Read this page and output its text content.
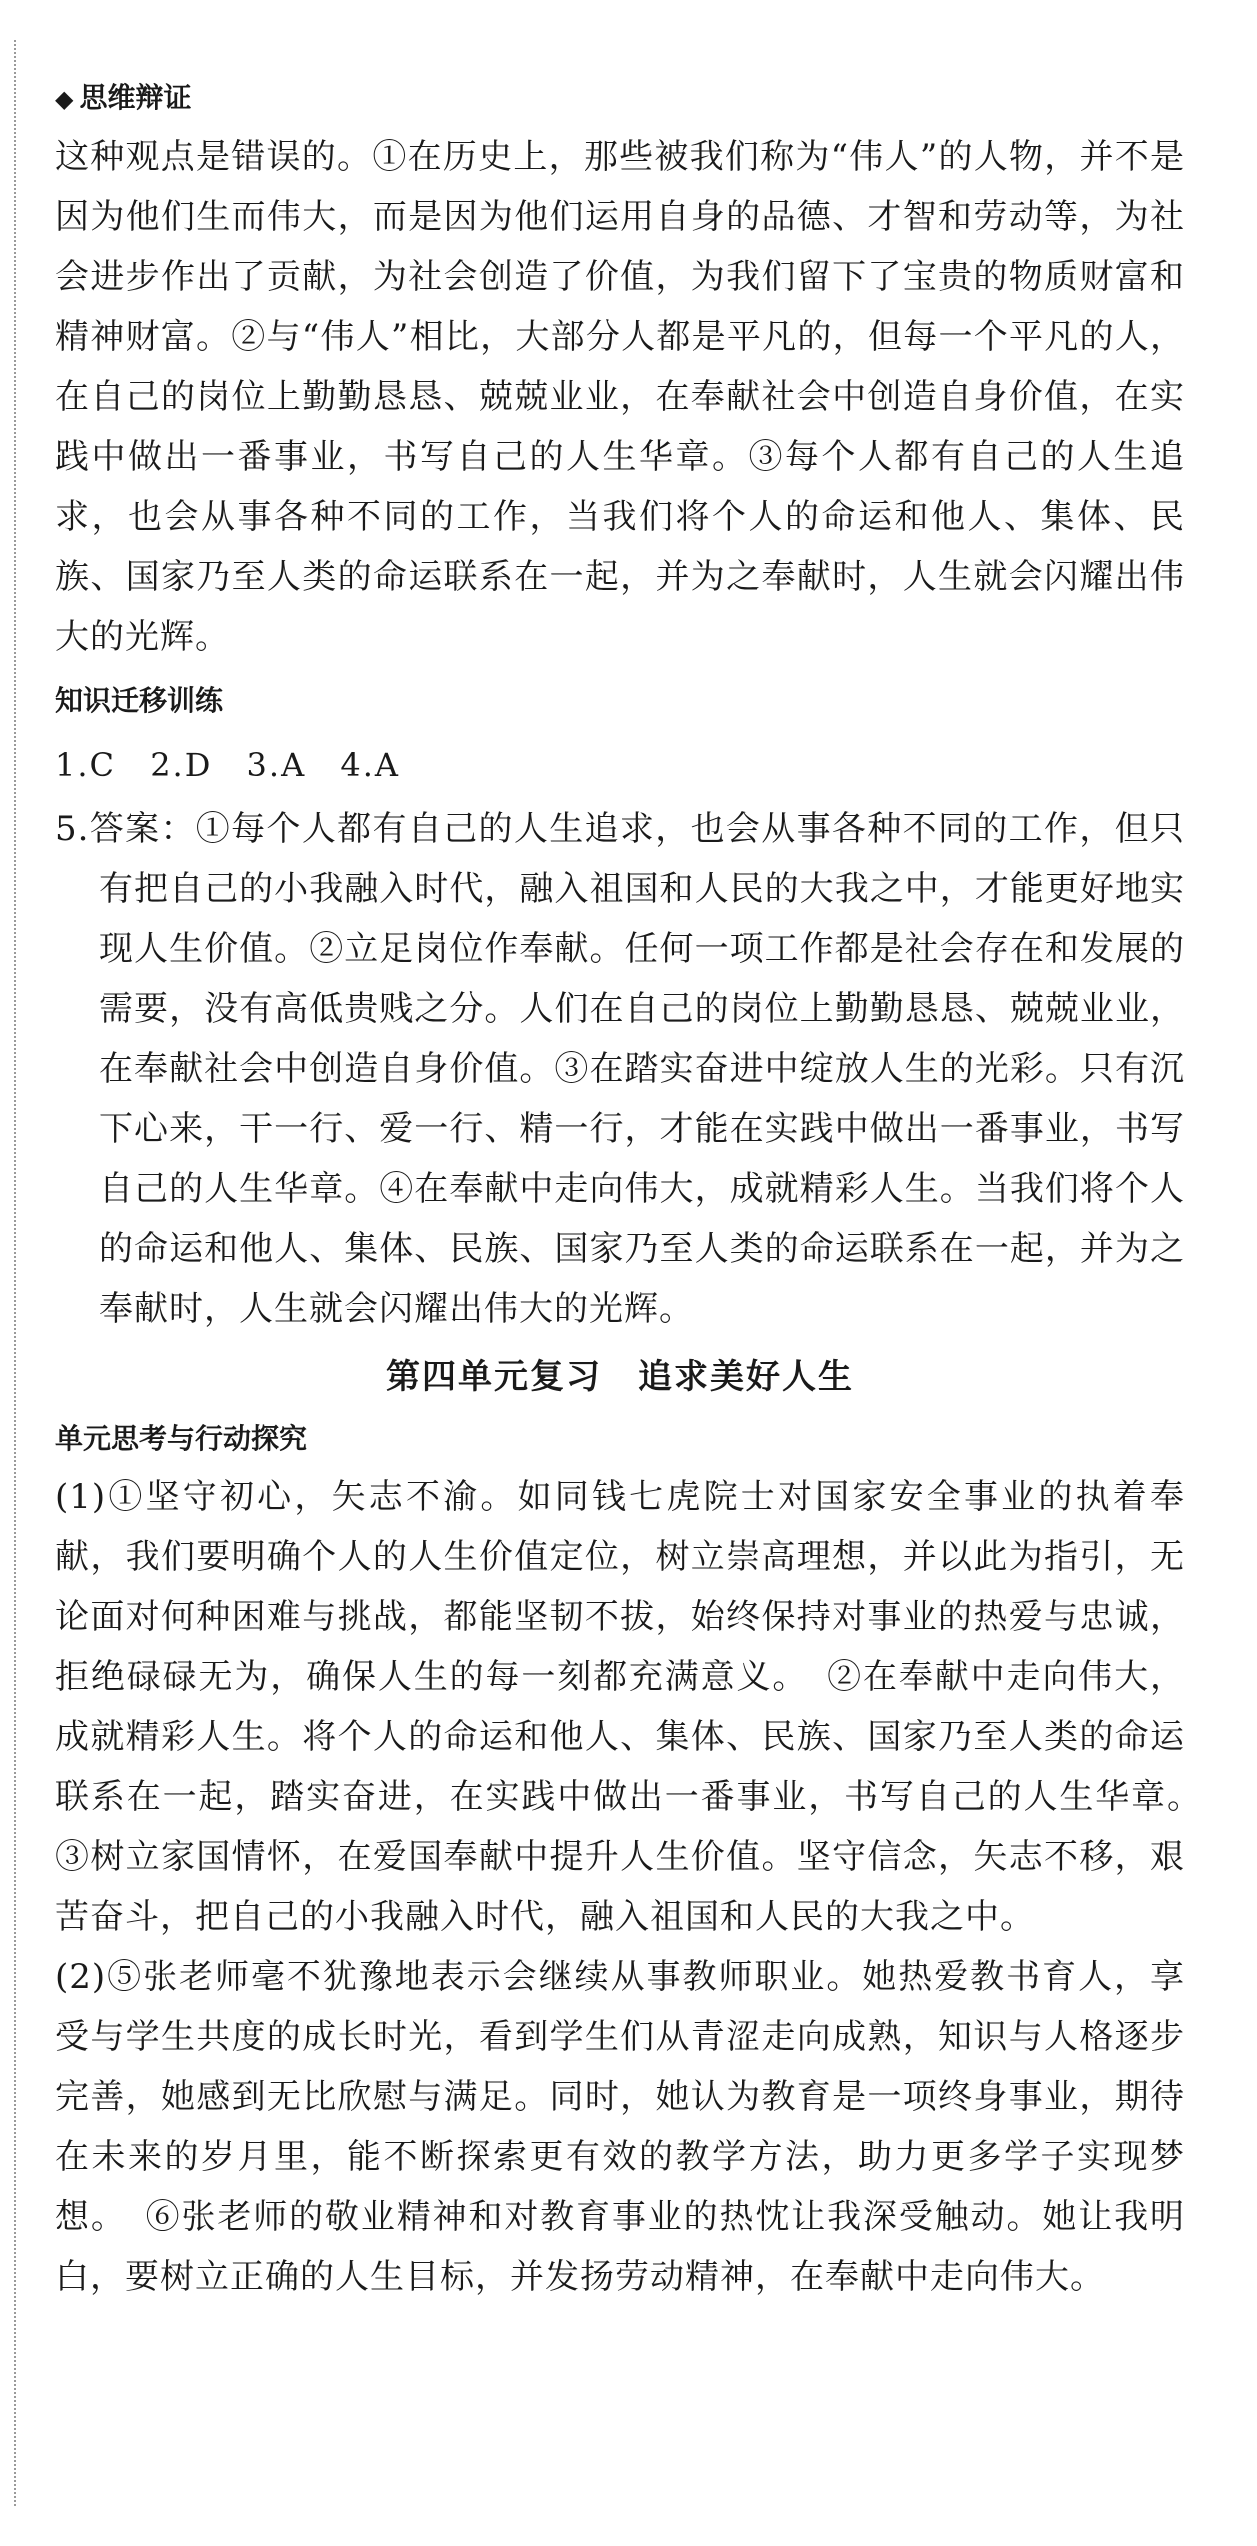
◆ 思维辩证

这种观点是错误的。①在历史上，那些被我们称为“伟人”的人物，并不是因为他们生而伟大，而是因为他们运用自身的品德、才智和劳动等，为社会进步作出了贡献，为社会创造了价值，为我们留下了宝贵的物质财富和精神财富。②与“伟人”相比，大部分人都是平凡的，但每一个平凡的人，在自己的岗位上勤勤恳恳、兢兢业业，在奉献社会中创造自身价值，在实践中做出一番事业，书写自己的人生华章。③每个人都有自己的人生追求，也会从事各种不同的工作，当我们将个人的命运和他人、集体、民族、国家乃至人类的命运联系在一起，并为之奉献时，人生就会闪耀出伟大的光辉。

知识迁移训练
1.C 2.D 3.A 4.A

5.答案：①每个人都有自己的人生追求，也会从事各种不同的工作，但只有把自己的小我融入时代，融入祖国和人民的大我之中，才能更好地实现人生价值。②立足岗位作奉献。任何一项工作都是社会存在和发展的需要，没有高低贵贱之分。人们在自己的岗位上勤勤恳恳、兢兢业业，在奉献社会中创造自身价值。③在踏实奋进中绽放人生的光彩。只有沉下心来，干一行、爱一行、精一行，才能在实践中做出一番事业，书写自己的人生华章。④在奉献中走向伟大，成就精彩人生。当我们将个人的命运和他人、集体、民族、国家乃至人类的命运联系在一起，并为之奉献时，人生就会闪耀出伟大的光辉。

第四单元复习　追求美好人生
单元思考与行动探究

(1)①坚守初心，矢志不渝。如同钱七虎院士对国家安全事业的执着奉献，我们要明确个人的人生价值定位，树立崇高理想，并以此为指引，无论面对何种困难与挑战，都能坚韧不拔，始终保持对事业的热爱与忠诚，拒绝碌碌无为，确保人生的每一刻都充满意义。　②在奉献中走向伟大，成就精彩人生。将个人的命运和他人、集体、民族、国家乃至人类的命运联系在一起，踏实奋进，在实践中做出一番事业，书写自己的人生华章。　③树立家国情怀，在爱国奉献中提升人生价值。坚守信念，矢志不移，艰苦奋斗，把自己的小我融入时代，融入祖国和人民的大我之中。

(2)⑤张老师毫不犹豫地表示会继续从事教师职业。她热爱教书育人，享受与学生共度的成长时光，看到学生们从青涩走向成熟，知识与人格逐步完善，她感到无比欣慰与满足。同时，她认为教育是一项终身事业，期待在未来的岁月里，能不断探索更有效的教学方法，助力更多学子实现梦想。　⑥张老师的敬业精神和对教育事业的热忱让我深受触动。她让我明白，要树立正确的人生目标，并发扬劳动精神，在奉献中走向伟大。
